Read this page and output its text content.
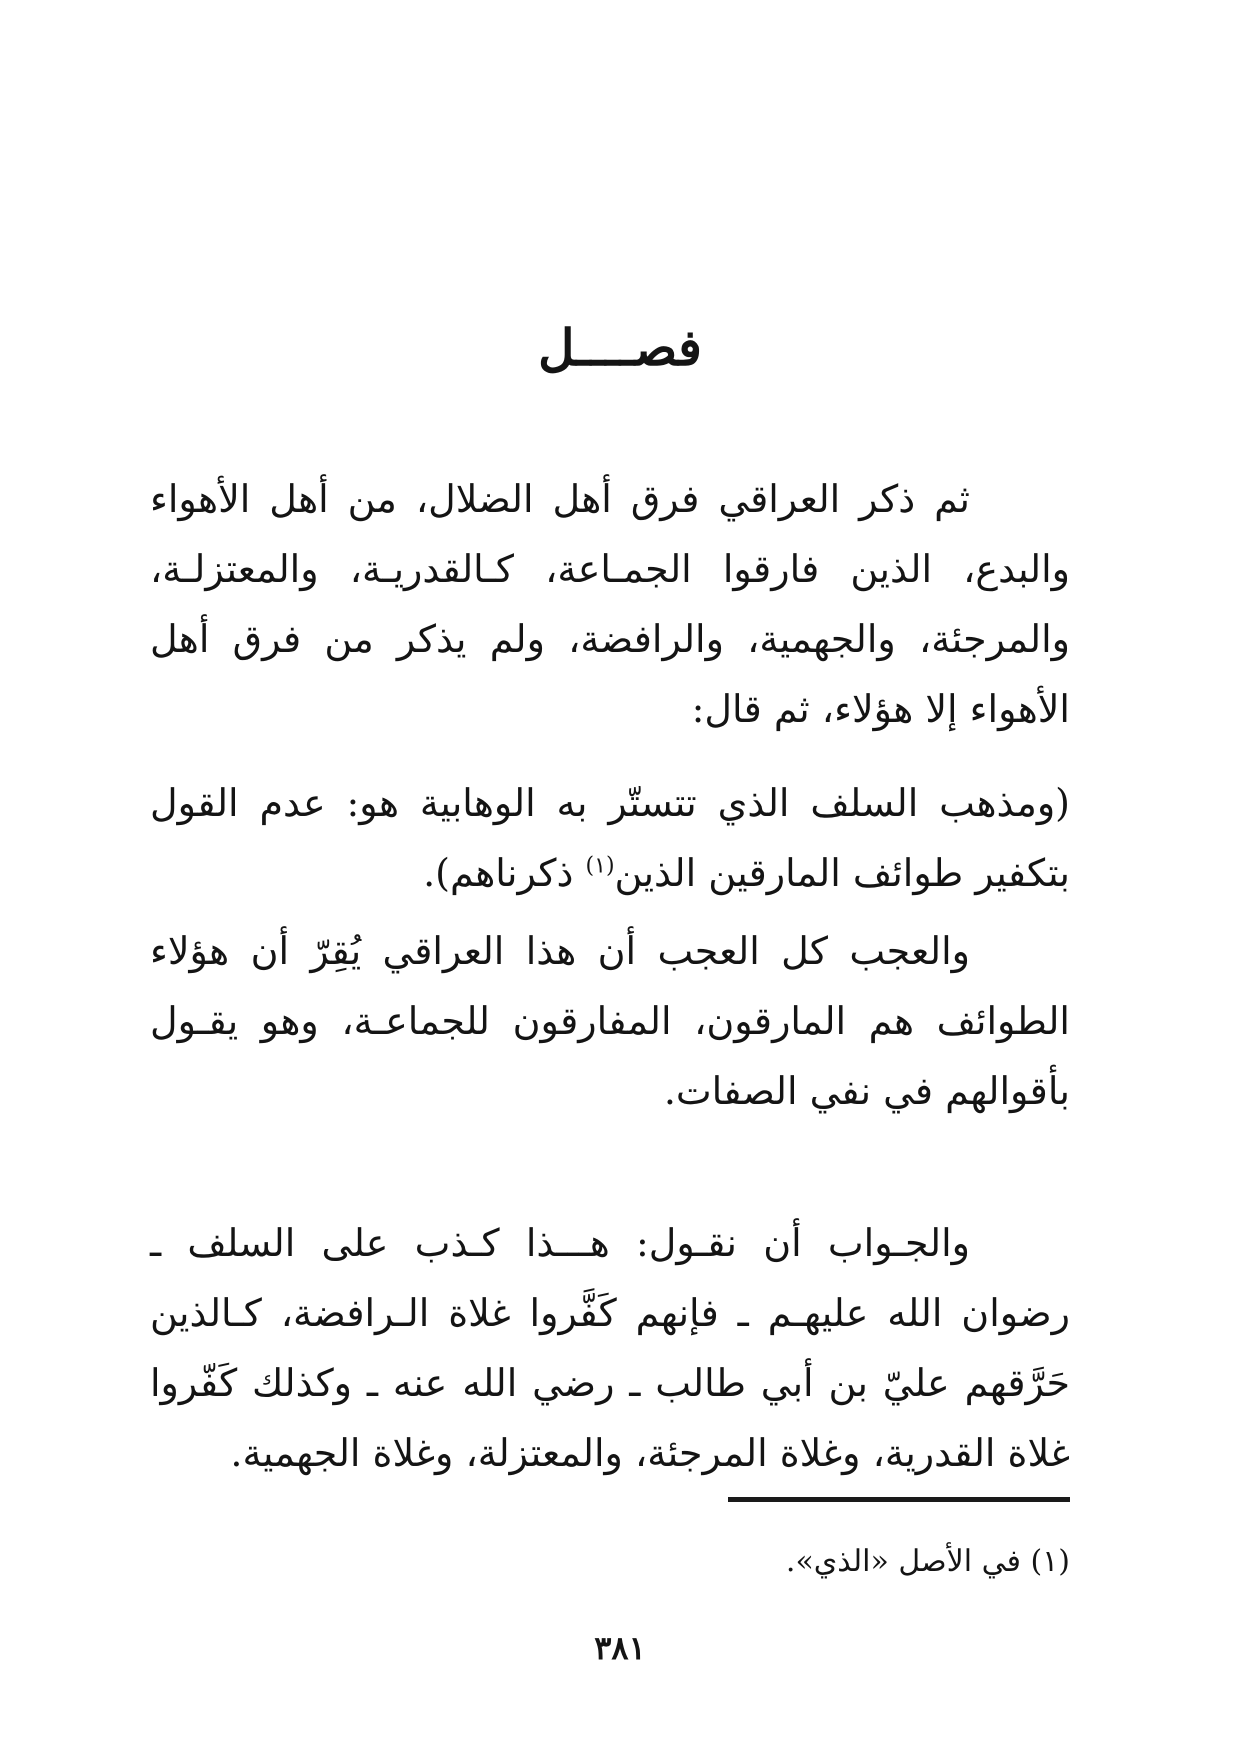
فصــــل

ثم ذكر العراقي فرق أهل الضلال، من أهل الأهواء والبدع، الذين فارقوا الجمـاعة، كـالقدريـة، والمعتزلـة، والمرجئة، والجهمية، والرافضة، ولم يذكر من فرق أهل الأهواء إلا هؤلاء، ثم قال:

(ومذهب السلف الذي تتستّر به الوهابية هو: عدم القول بتكفير طوائف المارقين الذين$^{(١)}$ ذكرناهم).

والعجب كل العجب أن هذا العراقي يُقِرّ أن هؤلاء الطوائف هم المارقون، المفارقون للجماعـة، وهو يقـول بأقوالهم في نفي الصفات.

والجـواب أن نقـول: هـــذا كـذب على السلف ـ رضوان الله عليهـم ـ فإنهم كَفَّروا غلاة الـرافضة، كـالذين حَرَّقهم عليّ بن أبي طالب ـ رضي الله عنه ـ وكذلك كَفّروا غلاة القدرية، وغلاة المرجئة، والمعتزلة، وغلاة الجهمية.

(١) في الأصل «الذي».
٣٨١
